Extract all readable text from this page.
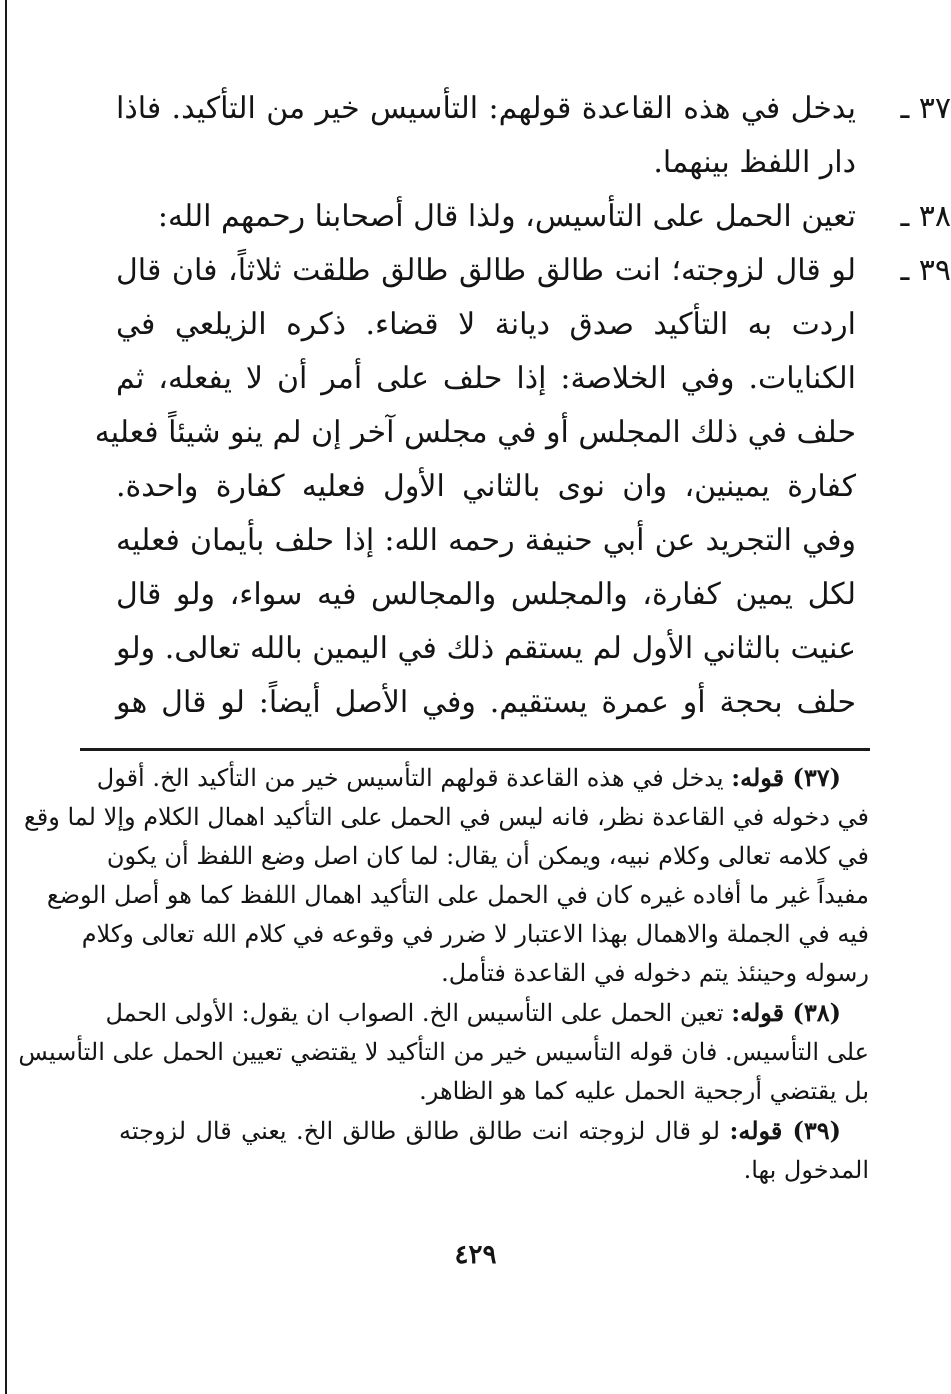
٣٧ ـ
يدخل في هذه القاعدة قولهم: التأسيس خير من التأكيد. فاذا
دار اللفظ بينهما.
٣٨ ـ
تعين الحمل على التأسيس، ولذا قال أصحابنا رحمهم الله:
٣٩ ـ
لو قال لزوجته؛ انت طالق طالق طالق طلقت ثلاثاً، فان قال
اردت به التأكيد صدق ديانة لا قضاء. ذكره الزيلعي في
الكنايات. وفي الخلاصة: إذا حلف على أمر أن لا يفعله، ثم
حلف في ذلك المجلس أو في مجلس آخر إن لم ينو شيئاً فعليه
كفارة يمينين، وان نوى بالثاني الأول فعليه كفارة واحدة.
وفي التجريد عن أبي حنيفة رحمه الله: إذا حلف بأيمان فعليه
لكل يمين كفارة، والمجلس والمجالس فيه سواء، ولو قال
عنيت بالثاني الأول لم يستقم ذلك في اليمين بالله تعالى. ولو
حلف بحجة أو عمرة يستقيم. وفي الأصل أيضاً: لو قال هو
(٣٧) قوله: يدخل في هذه القاعدة قولهم التأسيس خير من التأكيد الخ. أقول
في دخوله في القاعدة نظر، فانه ليس في الحمل على التأكيد اهمال الكلام وإلا لما وقع
في كلامه تعالى وكلام نبيه، ويمكن أن يقال: لما كان اصل وضع اللفظ أن يكون
مفيداً غير ما أفاده غيره كان في الحمل على التأكيد اهمال اللفظ كما هو أصل الوضع
فيه في الجملة والاهمال بهذا الاعتبار لا ضرر في وقوعه في كلام الله تعالى وكلام
رسوله وحينئذ يتم دخوله في القاعدة فتأمل.
(٣٨) قوله: تعين الحمل على التأسيس الخ. الصواب ان يقول: الأولى الحمل
على التأسيس. فان قوله التأسيس خير من التأكيد لا يقتضي تعيين الحمل على التأسيس
بل يقتضي أرجحية الحمل عليه كما هو الظاهر.
(٣٩) قوله: لو قال لزوجته انت طالق طالق طالق الخ. يعني قال لزوجته
المدخول بها.
٤٢٩
